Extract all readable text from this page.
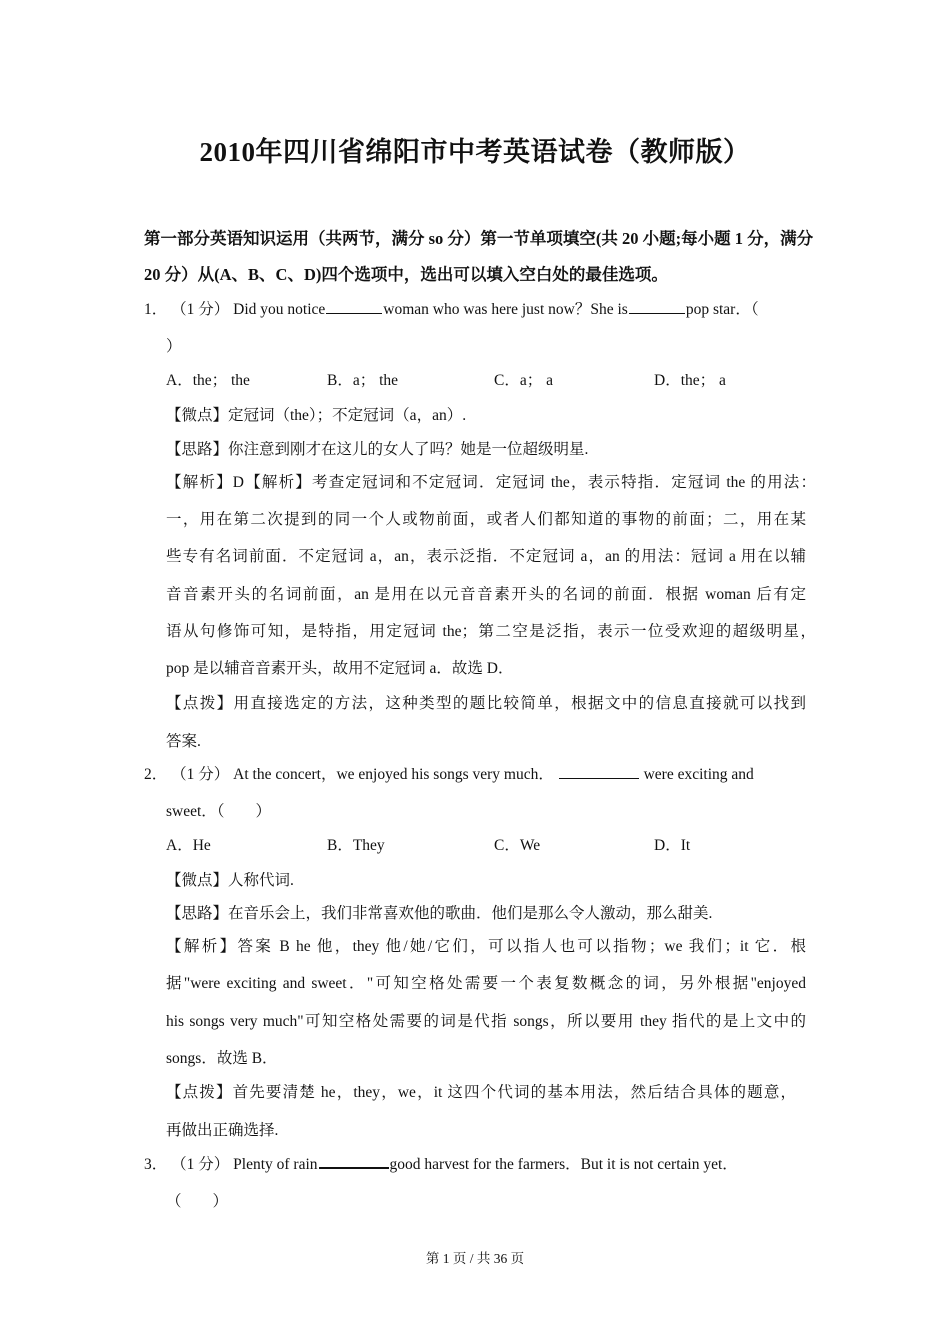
2010年四川省绵阳市中考英语试卷（教师版）
第一部分英语知识运用（共两节，满分 so 分）第一节单项填空(共 20 小题;每小题 1 分，满分 20 分）从(A、B、C、D)四个选项中，选出可以填入空白处的最佳选项。
1． （1 分） Did you notice	woman who was here just now？She is	pop star．（
）
A．the； the	B．a； the	C．a； a	D．the； a
【微点】定冠词（the）；不定冠词（a，an）.
【思路】你注意到刚才在这儿的女人了吗？她是一位超级明星.
【解析】D【解析】考查定冠词和不定冠词．定冠词 the，表示特指．定冠词 the 的用法：
一，用在第二次提到的同一个人或物前面，或者人们都知道的事物的前面；二，用在某
些专有名词前面．不定冠词 a，an，表示泛指．不定冠词 a，an 的用法：冠词 a 用在以辅
音音素开头的名词前面，an 是用在以元音音素开头的名词的前面．根据 woman 后有定
语从句修饰可知，是特指，用定冠词 the；第二空是泛指，表示一位受欢迎的超级明星，
pop 是以辅音音素开头，故用不定冠词 a．故选 D．
【点拨】用直接选定的方法，这种类型的题比较简单，根据文中的信息直接就可以找到
答案.
2． （1 分） At the concert，we enjoyed his songs very much．	were exciting and
sweet．（　　）
A．He	B．They	C．We	D．It
【微点】人称代词.
【思路】在音乐会上，我们非常喜欢他的歌曲．他们是那么令人激动，那么甜美.
【解析】答案 B he 他，they 他/她/它们，可以指人也可以指物；we 我们；it 它．根
据"were exciting and sweet．"可知空格处需要一个表复数概念的词，另外根据"enjoyed
his songs very much"可知空格处需要的词是代指 songs，所以要用 they 指代的是上文中的
songs．故选 B．
【点拨】首先要清楚 he，they，we，it 这四个代词的基本用法，然后结合具体的题意，
再做出正确选择.
3． （1 分） Plenty of rain	good harvest for the farmers．But it is not certain yet．
（　　）
第 1 页 / 共 36 页
